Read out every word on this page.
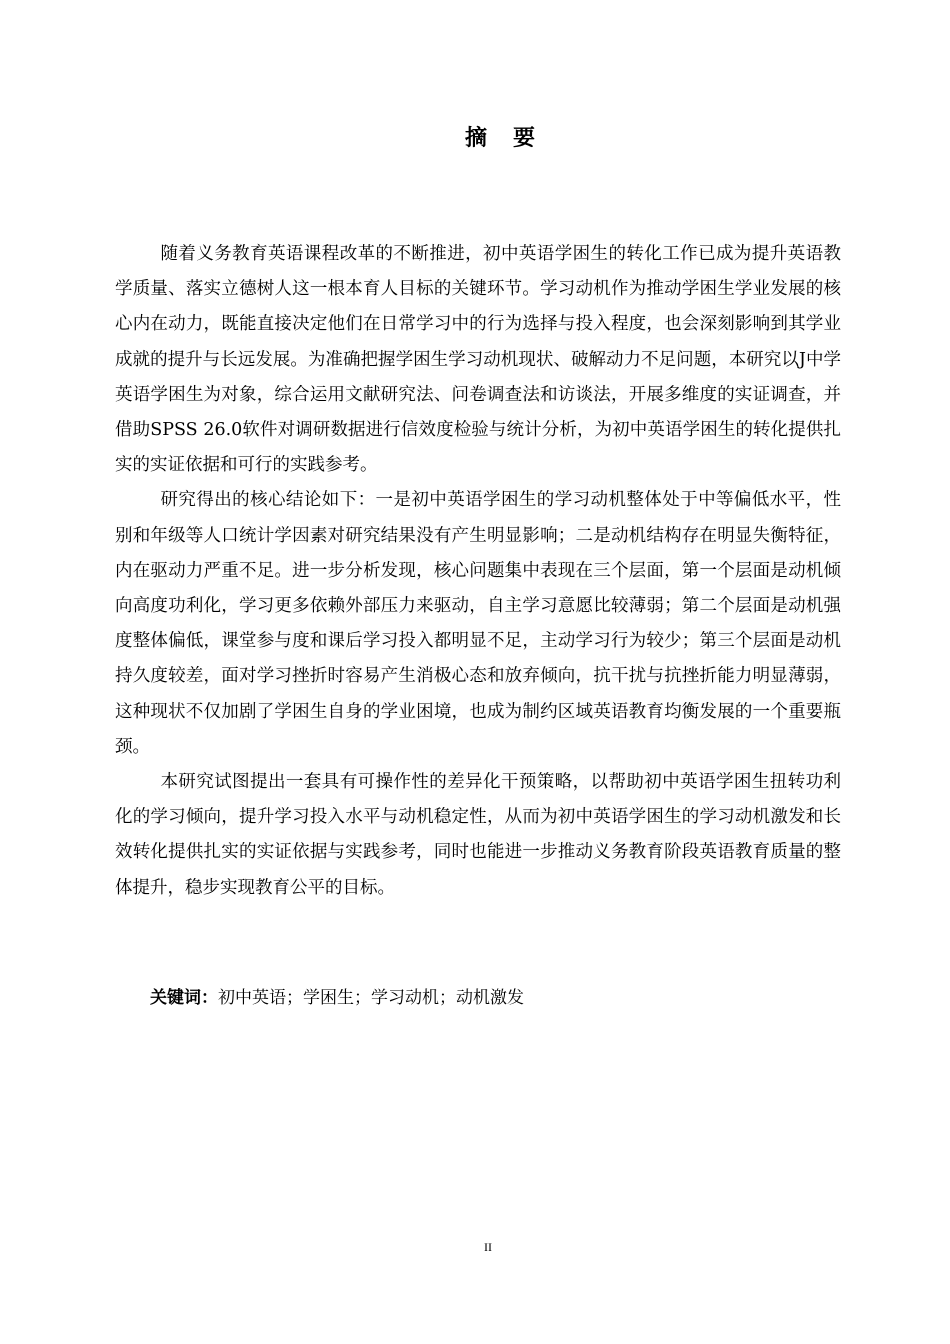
摘 要

随着义务教育英语课程改革的不断推进，初中英语学困生的转化工作已成为提升英语教学质量、落实立德树人这一根本育人目标的关键环节。学习动机作为推动学困生学业发展的核心内在动力，既能直接决定他们在日常学习中的行为选择与投入程度，也会深刻影响到其学业成就的提升与长远发展。为准确把握学困生学习动机现状、破解动力不足问题，本研究以J中学英语学困生为对象，综合运用文献研究法、问卷调查法和访谈法，开展多维度的实证调查，并借助SPSS 26.0软件对调研数据进行信效度检验与统计分析，为初中英语学困生的转化提供扎实的实证依据和可行的实践参考。

研究得出的核心结论如下：一是初中英语学困生的学习动机整体处于中等偏低水平，性别和年级等人口统计学因素对研究结果没有产生明显影响；二是动机结构存在明显失衡特征，内在驱动力严重不足。进一步分析发现，核心问题集中表现在三个层面，第一个层面是动机倾向高度功利化，学习更多依赖外部压力来驱动，自主学习意愿比较薄弱；第二个层面是动机强度整体偏低，课堂参与度和课后学习投入都明显不足，主动学习行为较少；第三个层面是动机持久度较差，面对学习挫折时容易产生消极心态和放弃倾向，抗干扰与抗挫折能力明显薄弱，这种现状不仅加剧了学困生自身的学业困境，也成为制约区域英语教育均衡发展的一个重要瓶颈。

本研究试图提出一套具有可操作性的差异化干预策略，以帮助初中英语学困生扭转功利化的学习倾向，提升学习投入水平与动机稳定性，从而为初中英语学困生的学习动机激发和长效转化提供扎实的实证依据与实践参考，同时也能进一步推动义务教育阶段英语教育质量的整体提升，稳步实现教育公平的目标。

关键词：初中英语；学困生；学习动机；动机激发
II
